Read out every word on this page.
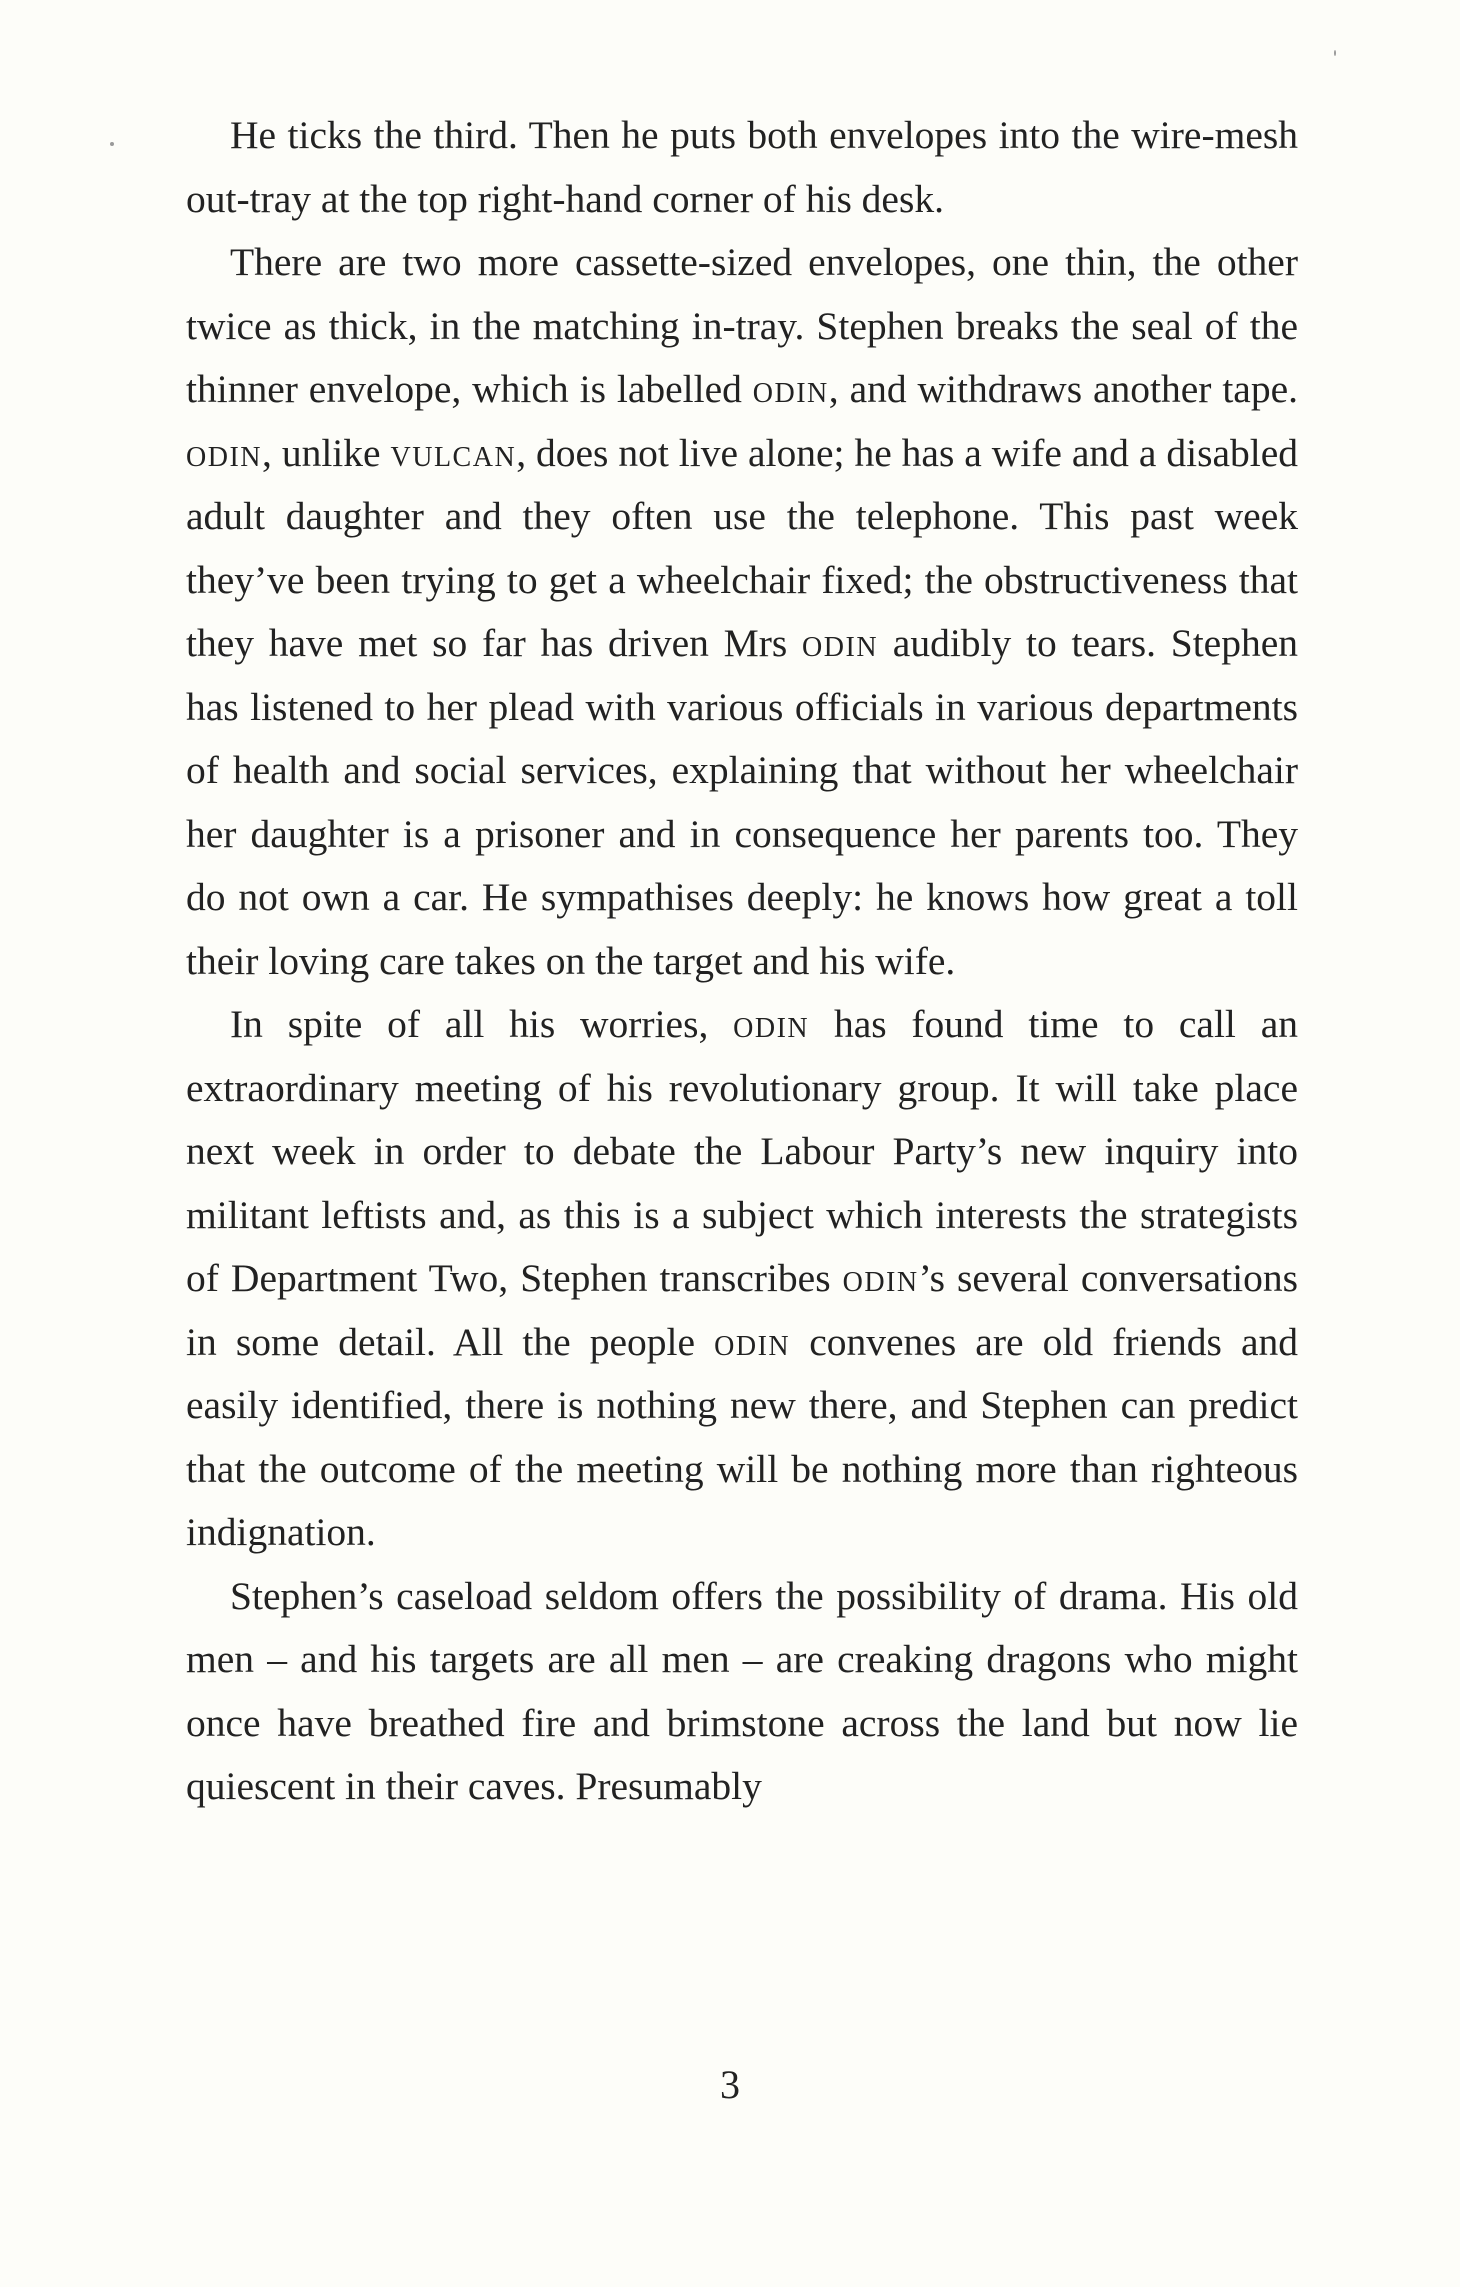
He ticks the third. Then he puts both envelopes into the wire-mesh out-tray at the top right-hand corner of his desk.

There are two more cassette-sized envelopes, one thin, the other twice as thick, in the matching in-tray. Stephen breaks the seal of the thinner envelope, which is labelled odin, and withdraws another tape. odin, unlike vulcan, does not live alone; he has a wife and a disabled adult daughter and they often use the telephone. This past week they’ve been trying to get a wheelchair fixed; the obstructiveness that they have met so far has driven Mrs odin audibly to tears. Stephen has listened to her plead with various officials in various departments of health and social services, explaining that without her wheelchair her daughter is a prisoner and in consequence her parents too. They do not own a car. He sympathises deeply: he knows how great a toll their loving care takes on the target and his wife.

In spite of all his worries, odin has found time to call an extraordinary meeting of his revolutionary group. It will take place next week in order to debate the Labour Party’s new inquiry into militant leftists and, as this is a subject which interests the strategists of Department Two, Stephen transcribes odin’s several conversations in some detail. All the people odin convenes are old friends and easily identified, there is nothing new there, and Stephen can predict that the outcome of the meeting will be nothing more than righteous indignation.

Stephen’s caseload seldom offers the possibility of drama. His old men – and his targets are all men – are creaking dragons who might once have breathed fire and brimstone across the land but now lie quiescent in their caves. Presumably

3
